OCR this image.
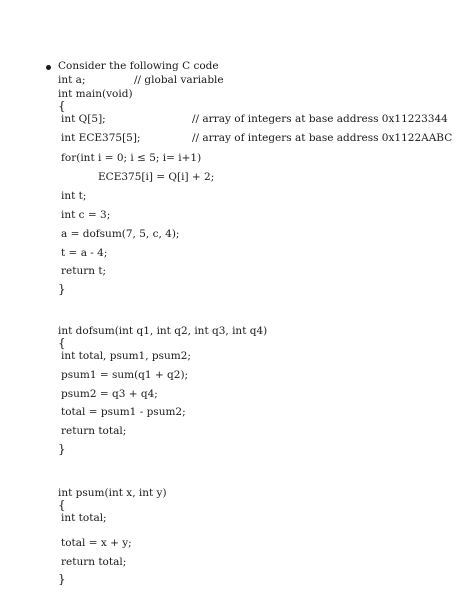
Consider the following C code
int a;	// global variable
int main(void)
{
int Q[5];	// array of integers at base address 0x11223344
int ECE375[5];	// array of integers at base address 0x1122AABC
for(int i = 0; i ≤ 5; i= i+1)
ECE375[i] = Q[i] + 2;
int t;
int c = 3;
a = dofsum(7, 5, c, 4);
t = a - 4;
return t;
}
int dofsum(int q1, int q2, int q3, int q4)
{
int total, psum1, psum2;
psum1 = sum(q1 + q2);
psum2 = q3 + q4;
total = psum1 - psum2;
return total;
}
int psum(int x, int y)
{
int total;
total = x + y;
return total;
}
